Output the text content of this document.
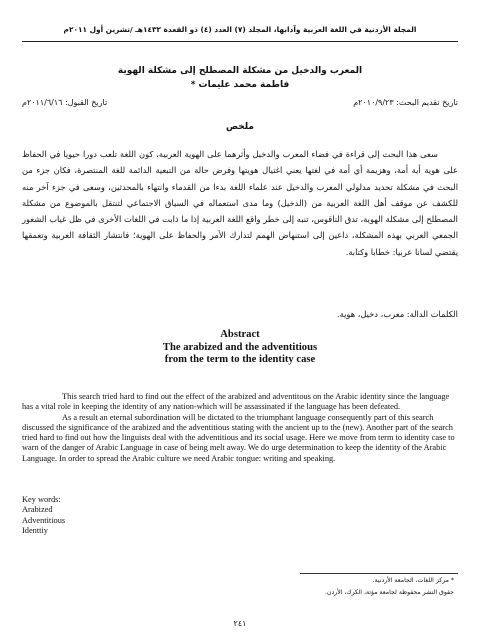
المجلة الأردنية في اللغة العربية وآدابها، المجلد (٧) العدد (٤) ذو القعدة ١٤٣٢هـ /تشرين أول ٢٠١١م
المعرب والدخيل من مشكلة المصطلح إلى مشكلة الهوية
فاطمة محمد عليمات *
تاريخ تقديم البحث: ٢٠١٠/٩/٢٣م
تاريخ القبول: ٢٠١١/٦/١٦م
ملخص

سعى هذا البحث إلى قراءة في فضاء المعرب والدخيل وأثرهما على الهوية العربية، كون اللغة تلعب دورا حيويا في الحفاظ على هوية أية أمة، وهزيمة أي أمة في لغتها يعني اغتيال هويتها وفرض حالة من التبعية الدائمة للغة المنتصرة، فكان جزء من البحث في مشكلة تحديد مدلولي المعرب والدخيل عند علماء اللغة بدءا من القدماء وانتهاء بالمحدثين، وسعى في جزء آخر منه للكشف عن موقف أهل اللغة العربية من (الدخيل) وما مدى استعماله في السياق الاجتماعي لتنتقل بالموضوع من مشكلة المصطلح إلى مشكلة الهوية، تدق الناقوس، تنبه إلى خطر واقع اللغة العربية إذا ما ذابت في اللغات الأخرى في ظل غياب الشعور الجمعي العربي بهذه المشكلة، داعين إلى استنهاض الهمم لتدارك الأمر والحفاظ على الهوية؛ فانتشار الثقافة العربية وتعمقها يقتضي لسانا عربيا: خطابا وكتابة.

الكلمات الدالة: معرب، دخيل، هوية.
Abstract
The arabized and the adventitious
from the term to the identity case

This search tried hard to find out the effect of the arabized and adventitous on the Arabic identity since the language has a vital role in keeping the identity of any nation-which will be assassinated if the language has been defeated.

As a result an eternal subordination will be dictated to the triumphant language consequently part of this search discussed the significance of the arabized and the adventitious stating with the ancient up to the (new). Another part of the search tried hard to find out how the linguists deal with the adventitious and its social usage. Here we move from term to identity case to warn of the danger of Arabic Language in case of being melt away. We do urge determination to keep the identity of the Arabic Language. In order to spread the Arabic culture we need Arabic tongue: writing and speaking.

Key words:
Arabized
Adventitious
Identtiy
* مركز اللغات، الجامعة الأردنية.
حقوق النشر محفوظة لجامعة مؤتة، الكرك، الأردن.
٢٤١
